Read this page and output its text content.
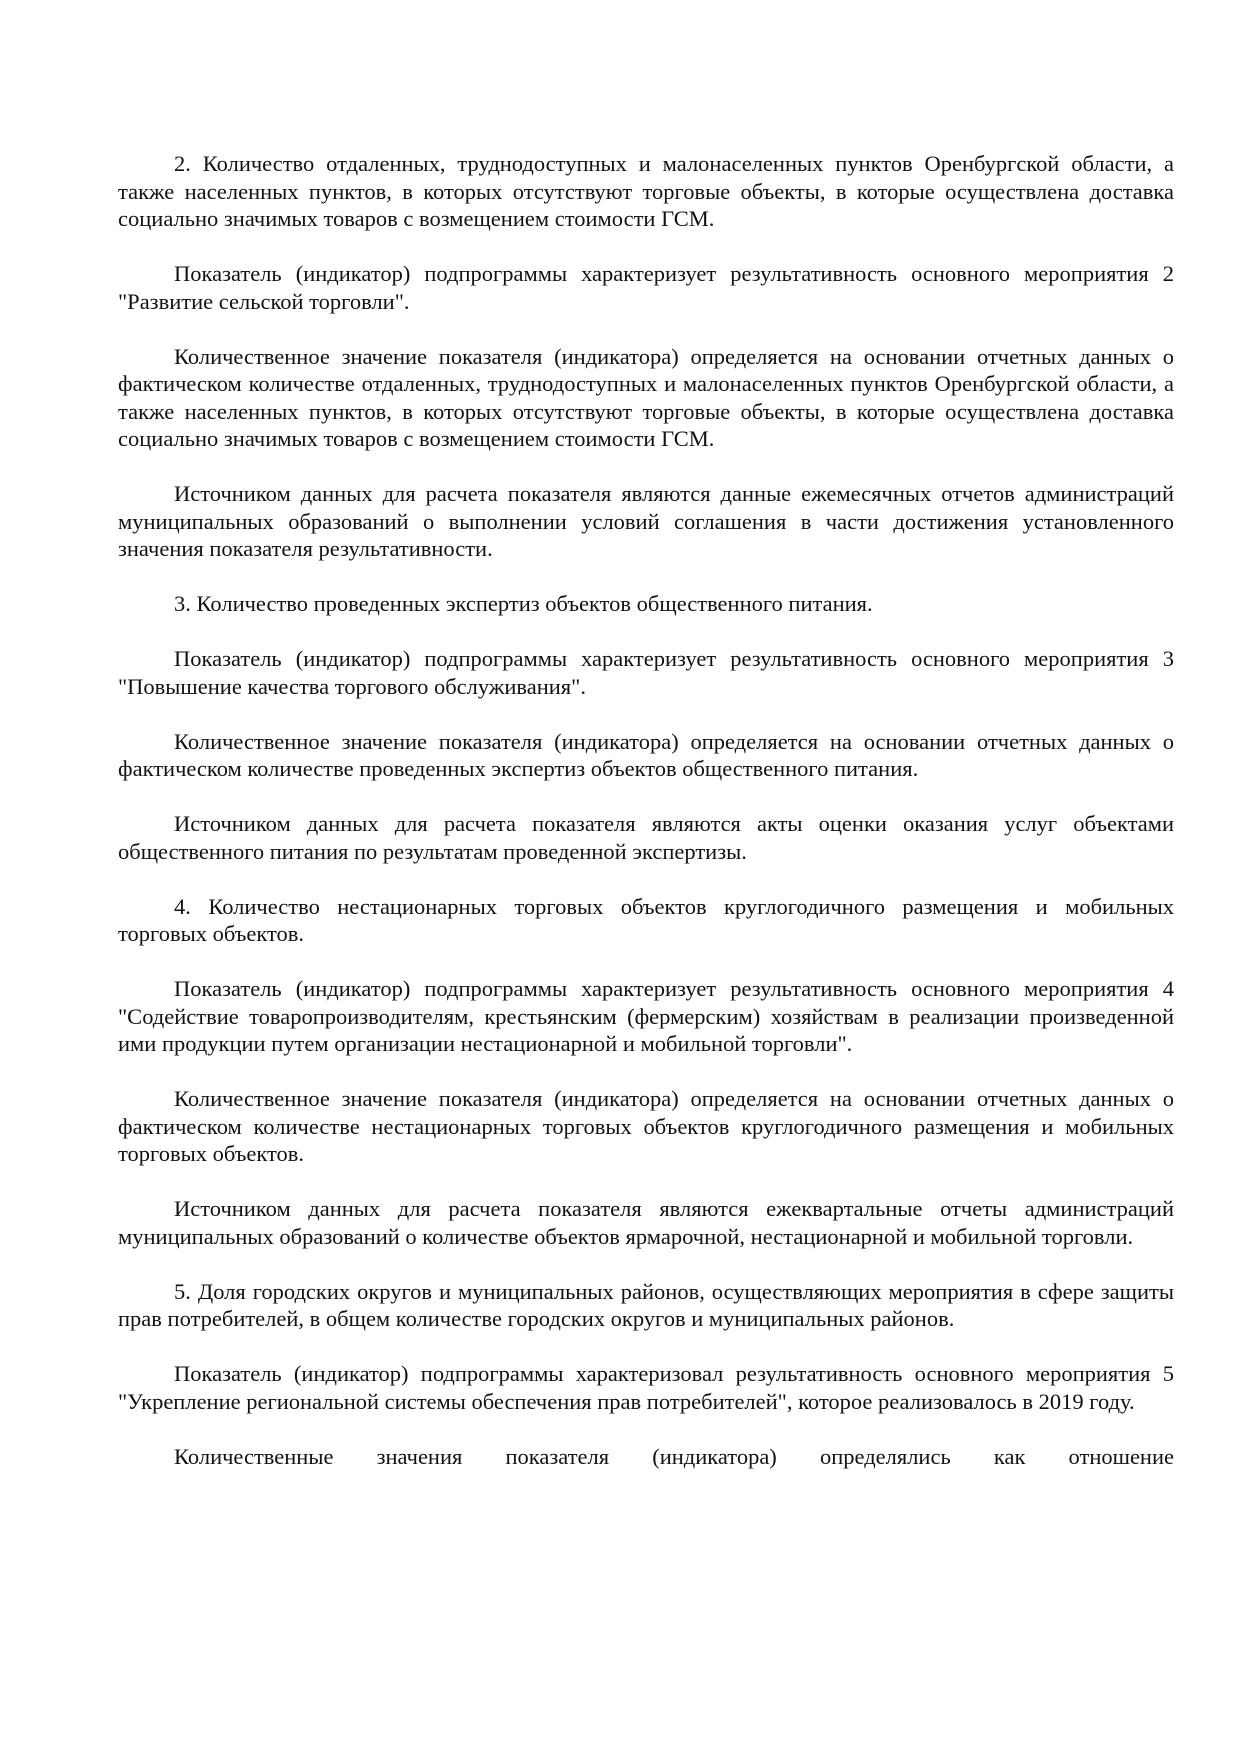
2. Количество отдаленных, труднодоступных и малонаселенных пунктов Оренбургской области, а также населенных пунктов, в которых отсутствуют торговые объекты, в которые осуществлена доставка социально значимых товаров с возмещением стоимости ГСМ.

Показатель (индикатор) подпрограммы характеризует результативность основного мероприятия 2 "Развитие сельской торговли".

Количественное значение показателя (индикатора) определяется на основании отчетных данных о фактическом количестве отдаленных, труднодоступных и малонаселенных пунктов Оренбургской области, а также населенных пунктов, в которых отсутствуют торговые объекты, в которые осуществлена доставка социально значимых товаров с возмещением стоимости ГСМ.

Источником данных для расчета показателя являются данные ежемесячных отчетов администраций муниципальных образований о выполнении условий соглашения в части достижения установленного значения показателя результативности.

3. Количество проведенных экспертиз объектов общественного питания.

Показатель (индикатор) подпрограммы характеризует результативность основного мероприятия 3 "Повышение качества торгового обслуживания".

Количественное значение показателя (индикатора) определяется на основании отчетных данных о фактическом количестве проведенных экспертиз объектов общественного питания.

Источником данных для расчета показателя являются акты оценки оказания услуг объектами общественного питания по результатам проведенной экспертизы.

4. Количество нестационарных торговых объектов круглогодичного размещения и мобильных торговых объектов.

Показатель (индикатор) подпрограммы характеризует результативность основного мероприятия 4 "Содействие товаропроизводителям, крестьянским (фермерским) хозяйствам в реализации произведенной ими продукции путем организации нестационарной и мобильной торговли".

Количественное значение показателя (индикатора) определяется на основании отчетных данных о фактическом количестве нестационарных торговых объектов круглогодичного размещения и мобильных торговых объектов.

Источником данных для расчета показателя являются ежеквартальные отчеты администраций муниципальных образований о количестве объектов ярмарочной, нестационарной и мобильной торговли.

5. Доля городских округов и муниципальных районов, осуществляющих мероприятия в сфере защиты прав потребителей, в общем количестве городских округов и муниципальных районов.

Показатель (индикатор) подпрограммы характеризовал результативность основного мероприятия 5 "Укрепление региональной системы обеспечения прав потребителей", которое реализовалось в 2019 году.

Количественные значения показателя (индикатора) определялись как отношение
